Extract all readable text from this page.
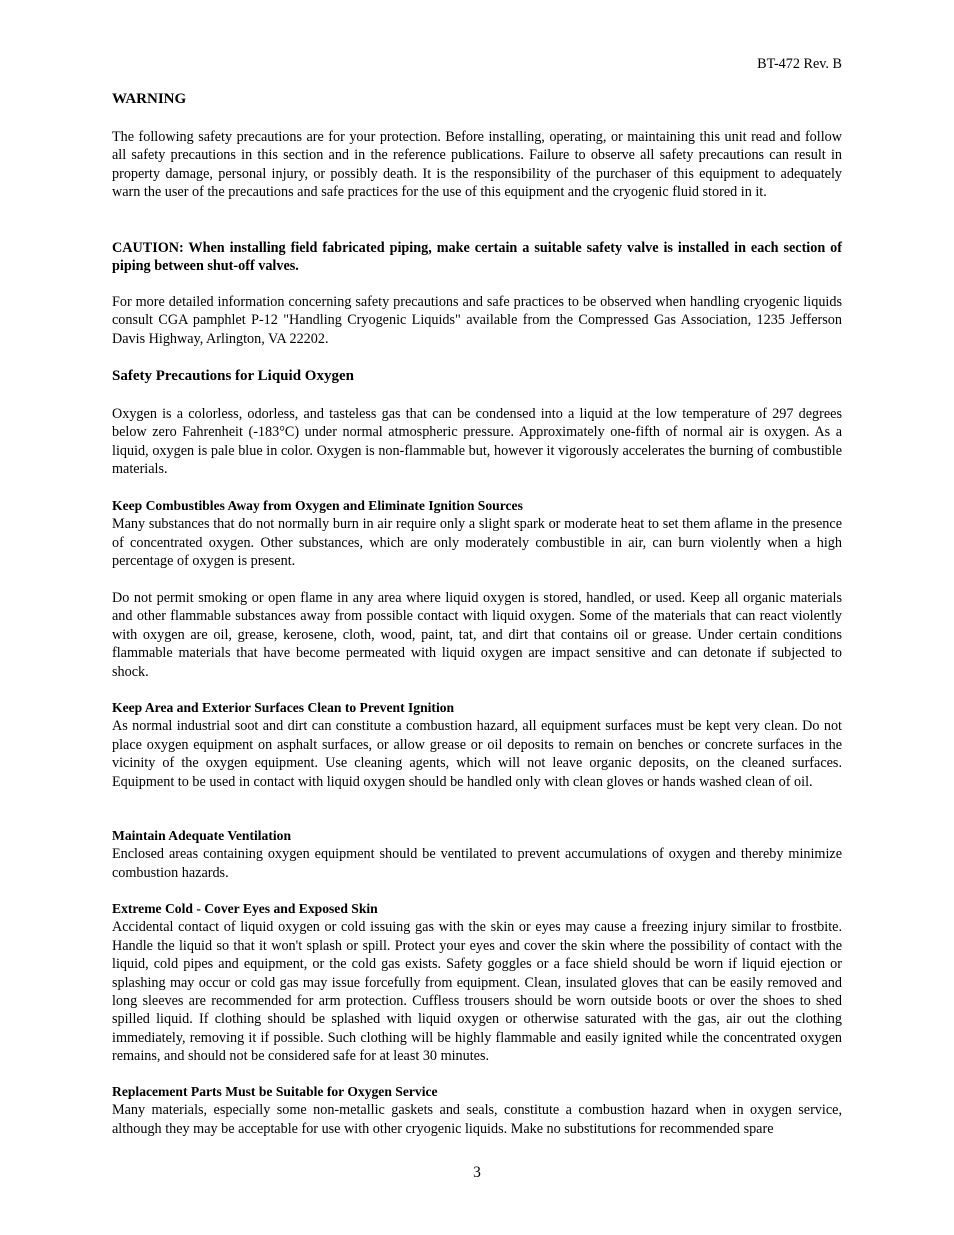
BT-472 Rev. B
WARNING
The following safety precautions are for your protection. Before installing, operating, or maintaining this unit read and follow all safety precautions in this section and in the reference publications. Failure to observe all safety precautions can result in property damage, personal injury, or possibly death. It is the responsibility of the purchaser of this equipment to adequately warn the user of the precautions and safe practices for the use of this equipment and the cryogenic fluid stored in it.
CAUTION: When installing field fabricated piping, make certain a suitable safety valve is installed in each section of piping between shut-off valves.
For more detailed information concerning safety precautions and safe practices to be observed when handling cryogenic liquids consult CGA pamphlet P-12 "Handling Cryogenic Liquids" available from the Compressed Gas Association, 1235 Jefferson Davis Highway, Arlington, VA 22202.
Safety Precautions for Liquid Oxygen
Oxygen is a colorless, odorless, and tasteless gas that can be condensed into a liquid at the low temperature of 297 degrees below zero Fahrenheit (-183°C) under normal atmospheric pressure. Approximately one-fifth of normal air is oxygen. As a liquid, oxygen is pale blue in color. Oxygen is non-flammable but, however it vigorously accelerates the burning of combustible materials.
Keep Combustibles Away from Oxygen and Eliminate Ignition Sources
Many substances that do not normally burn in air require only a slight spark or moderate heat to set them aflame in the presence of concentrated oxygen. Other substances, which are only moderately combustible in air, can burn violently when a high percentage of oxygen is present.
Do not permit smoking or open flame in any area where liquid oxygen is stored, handled, or used. Keep all organic materials and other flammable substances away from possible contact with liquid oxygen. Some of the materials that can react violently with oxygen are oil, grease, kerosene, cloth, wood, paint, tat, and dirt that contains oil or grease. Under certain conditions flammable materials that have become permeated with liquid oxygen are impact sensitive and can detonate if subjected to shock.
Keep Area and Exterior Surfaces Clean to Prevent Ignition
As normal industrial soot and dirt can constitute a combustion hazard, all equipment surfaces must be kept very clean. Do not place oxygen equipment on asphalt surfaces, or allow grease or oil deposits to remain on benches or concrete surfaces in the vicinity of the oxygen equipment. Use cleaning agents, which will not leave organic deposits, on the cleaned surfaces. Equipment to be used in contact with liquid oxygen should be handled only with clean gloves or hands washed clean of oil.
Maintain Adequate Ventilation
Enclosed areas containing oxygen equipment should be ventilated to prevent accumulations of oxygen and thereby minimize combustion hazards.
Extreme Cold - Cover Eyes and Exposed Skin
Accidental contact of liquid oxygen or cold issuing gas with the skin or eyes may cause a freezing injury similar to frostbite. Handle the liquid so that it won't splash or spill. Protect your eyes and cover the skin where the possibility of contact with the liquid, cold pipes and equipment, or the cold gas exists. Safety goggles or a face shield should be worn if liquid ejection or splashing may occur or cold gas may issue forcefully from equipment. Clean, insulated gloves that can be easily removed and long sleeves are recommended for arm protection. Cuffless trousers should be worn outside boots or over the shoes to shed spilled liquid. If clothing should be splashed with liquid oxygen or otherwise saturated with the gas, air out the clothing immediately, removing it if possible. Such clothing will be highly flammable and easily ignited while the concentrated oxygen remains, and should not be considered safe for at least 30 minutes.
Replacement Parts Must be Suitable for Oxygen Service
Many materials, especially some non-metallic gaskets and seals, constitute a combustion hazard when in oxygen service, although they may be acceptable for use with other cryogenic liquids. Make no substitutions for recommended spare
3
